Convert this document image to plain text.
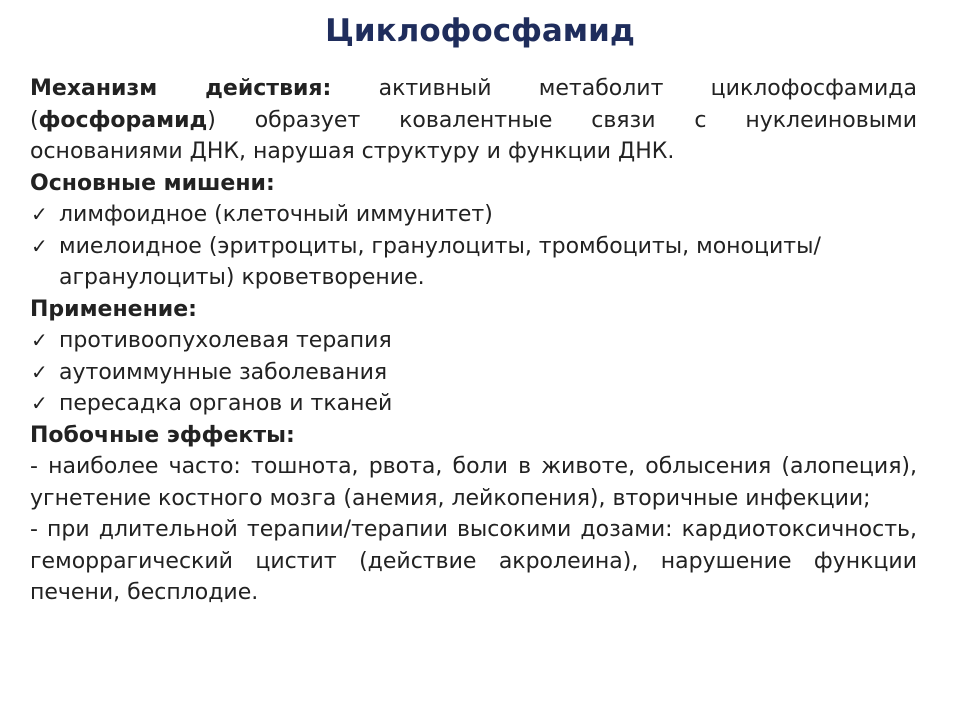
Циклофосфамид

Механизм действия: активный метаболит циклофосфамида (фосфорамид) образует ковалентные связи с нуклеиновыми основаниями ДНК, нарушая структуру и функции ДНК.

Основные мишени:

✓ лимфоидное (клеточный иммунитет)
✓ миелоидное (эритроциты, гранулоциты, тромбоциты, моноциты/агранулоциты) кроветворение.

Применение:

✓ противоопухолевая терапия
✓ аутоиммунные заболевания
✓ пересадка органов и тканей

Побочные эффекты:

- наиболее часто: тошнота, рвота, боли в животе, облысения (алопеция), угнетение костного мозга (анемия, лейкопения), вторичные инфекции;

- при длительной терапии/терапии высокими дозами: кардиотоксичность, геморрагический цистит (действие акролеина), нарушение функции печени, бесплодие.
